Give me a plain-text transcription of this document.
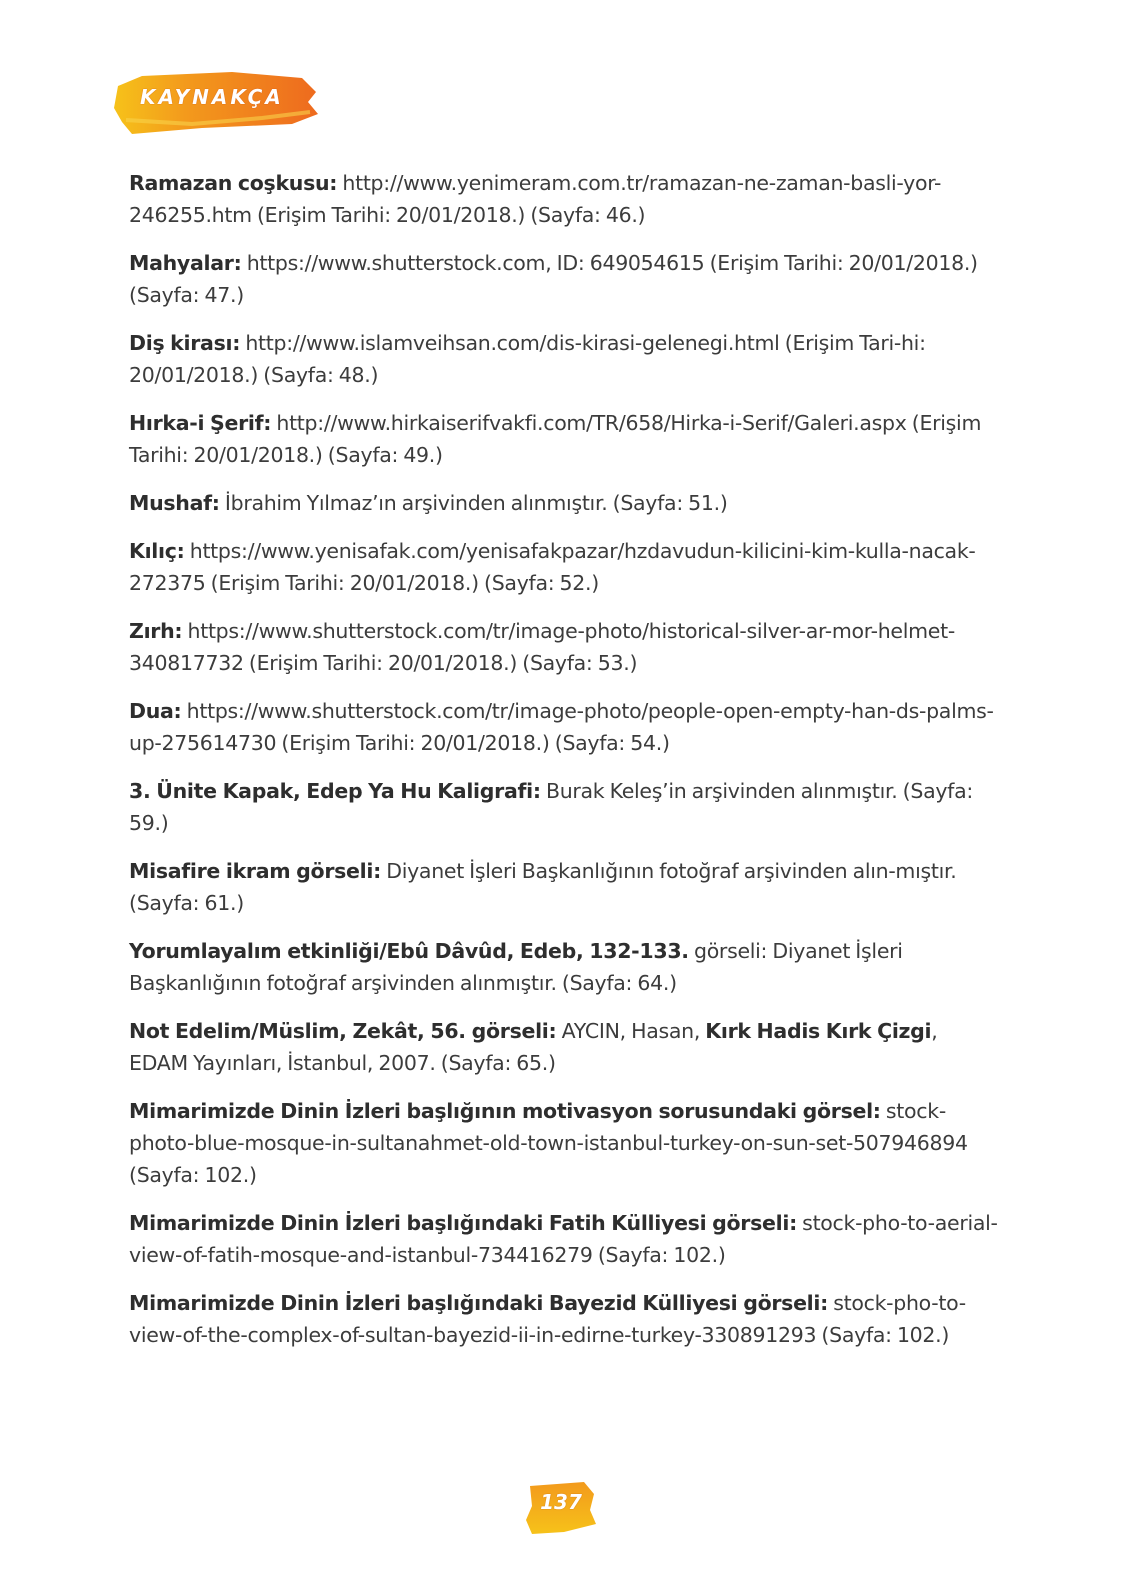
KAYNAKÇA
Ramazan coşkusu: http://www.yenimeram.com.tr/ramazan-ne-zaman-basli-yor-246255.htm (Erişim Tarihi: 20/01/2018.) (Sayfa: 46.)
Mahyalar: https://www.shutterstock.com, ID: 649054615 (Erişim Tarihi: 20/01/2018.) (Sayfa: 47.)
Diş kirası: http://www.islamveihsan.com/dis-kirasi-gelenegi.html (Erişim Tari-hi: 20/01/2018.) (Sayfa: 48.)
Hırka-i Şerif: http://www.hirkaiserifvakfi.com/TR/658/Hirka-i-Serif/Galeri.aspx (Erişim Tarihi: 20/01/2018.) (Sayfa: 49.)
Mushaf: İbrahim Yılmaz’ın arşivinden alınmıştır. (Sayfa: 51.)
Kılıç: https://www.yenisafak.com/yenisafakpazar/hzdavudun-kilicini-kim-kulla-nacak-272375 (Erişim Tarihi: 20/01/2018.) (Sayfa: 52.)
Zırh: https://www.shutterstock.com/tr/image-photo/historical-silver-ar-mor-helmet-340817732 (Erişim Tarihi: 20/01/2018.) (Sayfa: 53.)
Dua: https://www.shutterstock.com/tr/image-photo/people-open-empty-han-ds-palms-up-275614730 (Erişim Tarihi: 20/01/2018.) (Sayfa: 54.)
3. Ünite Kapak, Edep Ya Hu Kaligrafi: Burak Keleş’in arşivinden alınmıştır. (Sayfa: 59.)
Misafire ikram görseli: Diyanet İşleri Başkanlığının fotoğraf arşivinden alın-mıştır. (Sayfa: 61.)
Yorumlayalım etkinliği/Ebû Dâvûd, Edeb, 132-133. görseli: Diyanet İşleri Başkanlığının fotoğraf arşivinden alınmıştır. (Sayfa: 64.)
Not Edelim/Müslim, Zekât, 56. görseli: AYCIN, Hasan, Kırk Hadis Kırk Çizgi, EDAM Yayınları, İstanbul, 2007. (Sayfa: 65.)
Mimarimizde Dinin İzleri başlığının motivasyon sorusundaki görsel: stock-photo-blue-mosque-in-sultanahmet-old-town-istanbul-turkey-on-sun-set-507946894 (Sayfa: 102.)
Mimarimizde Dinin İzleri başlığındaki Fatih Külliyesi görseli: stock-pho-to-aerial-view-of-fatih-mosque-and-istanbul-734416279 (Sayfa: 102.)
Mimarimizde Dinin İzleri başlığındaki Bayezid Külliyesi görseli: stock-pho-to-view-of-the-complex-of-sultan-bayezid-ii-in-edirne-turkey-330891293 (Sayfa: 102.)
137
